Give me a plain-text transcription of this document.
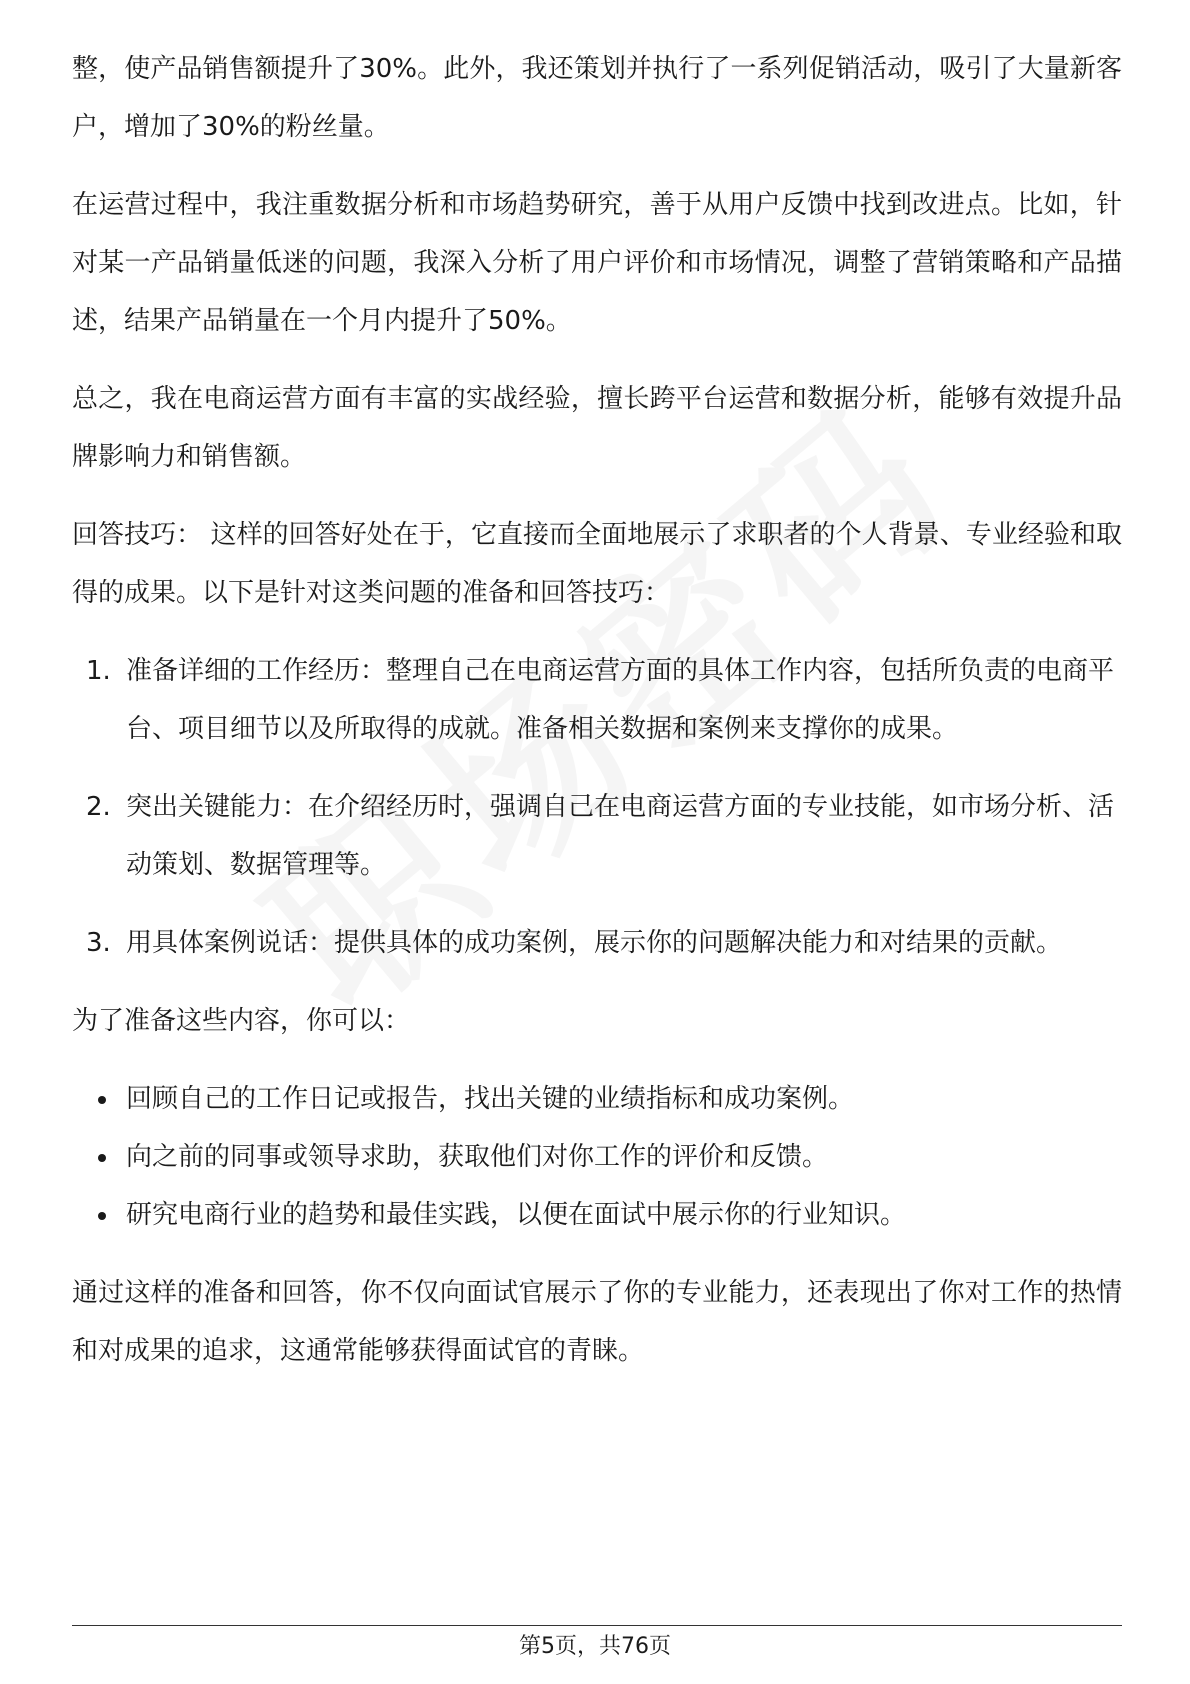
整，使产品销售额提升了30%。此外，我还策划并执行了一系列促销活动，吸引了大量新客户，增加了30%的粉丝量。

在运营过程中，我注重数据分析和市场趋势研究，善于从用户反馈中找到改进点。比如，针对某一产品销量低迷的问题，我深入分析了用户评价和市场情况，调整了营销策略和产品描述，结果产品销量在一个月内提升了50%。

总之，我在电商运营方面有丰富的实战经验，擅长跨平台运营和数据分析，能够有效提升品牌影响力和销售额。

回答技巧： 这样的回答好处在于，它直接而全面地展示了求职者的个人背景、专业经验和取得的成果。以下是针对这类问题的准备和回答技巧：

1. 准备详细的工作经历：整理自己在电商运营方面的具体工作内容，包括所负责的电商平台、项目细节以及所取得的成就。准备相关数据和案例来支撑你的成果。
2. 突出关键能力：在介绍经历时，强调自己在电商运营方面的专业技能，如市场分析、活动策划、数据管理等。
3. 用具体案例说话：提供具体的成功案例，展示你的问题解决能力和对结果的贡献。

为了准备这些内容，你可以：

回顾自己的工作日记或报告，找出关键的业绩指标和成功案例。
向之前的同事或领导求助，获取他们对你工作的评价和反馈。
研究电商行业的趋势和最佳实践，以便在面试中展示你的行业知识。

通过这样的准备和回答，你不仅向面试官展示了你的专业能力，还表现出了你对工作的热情和对成果的追求，这通常能够获得面试官的青睐。

第5页，共76页
